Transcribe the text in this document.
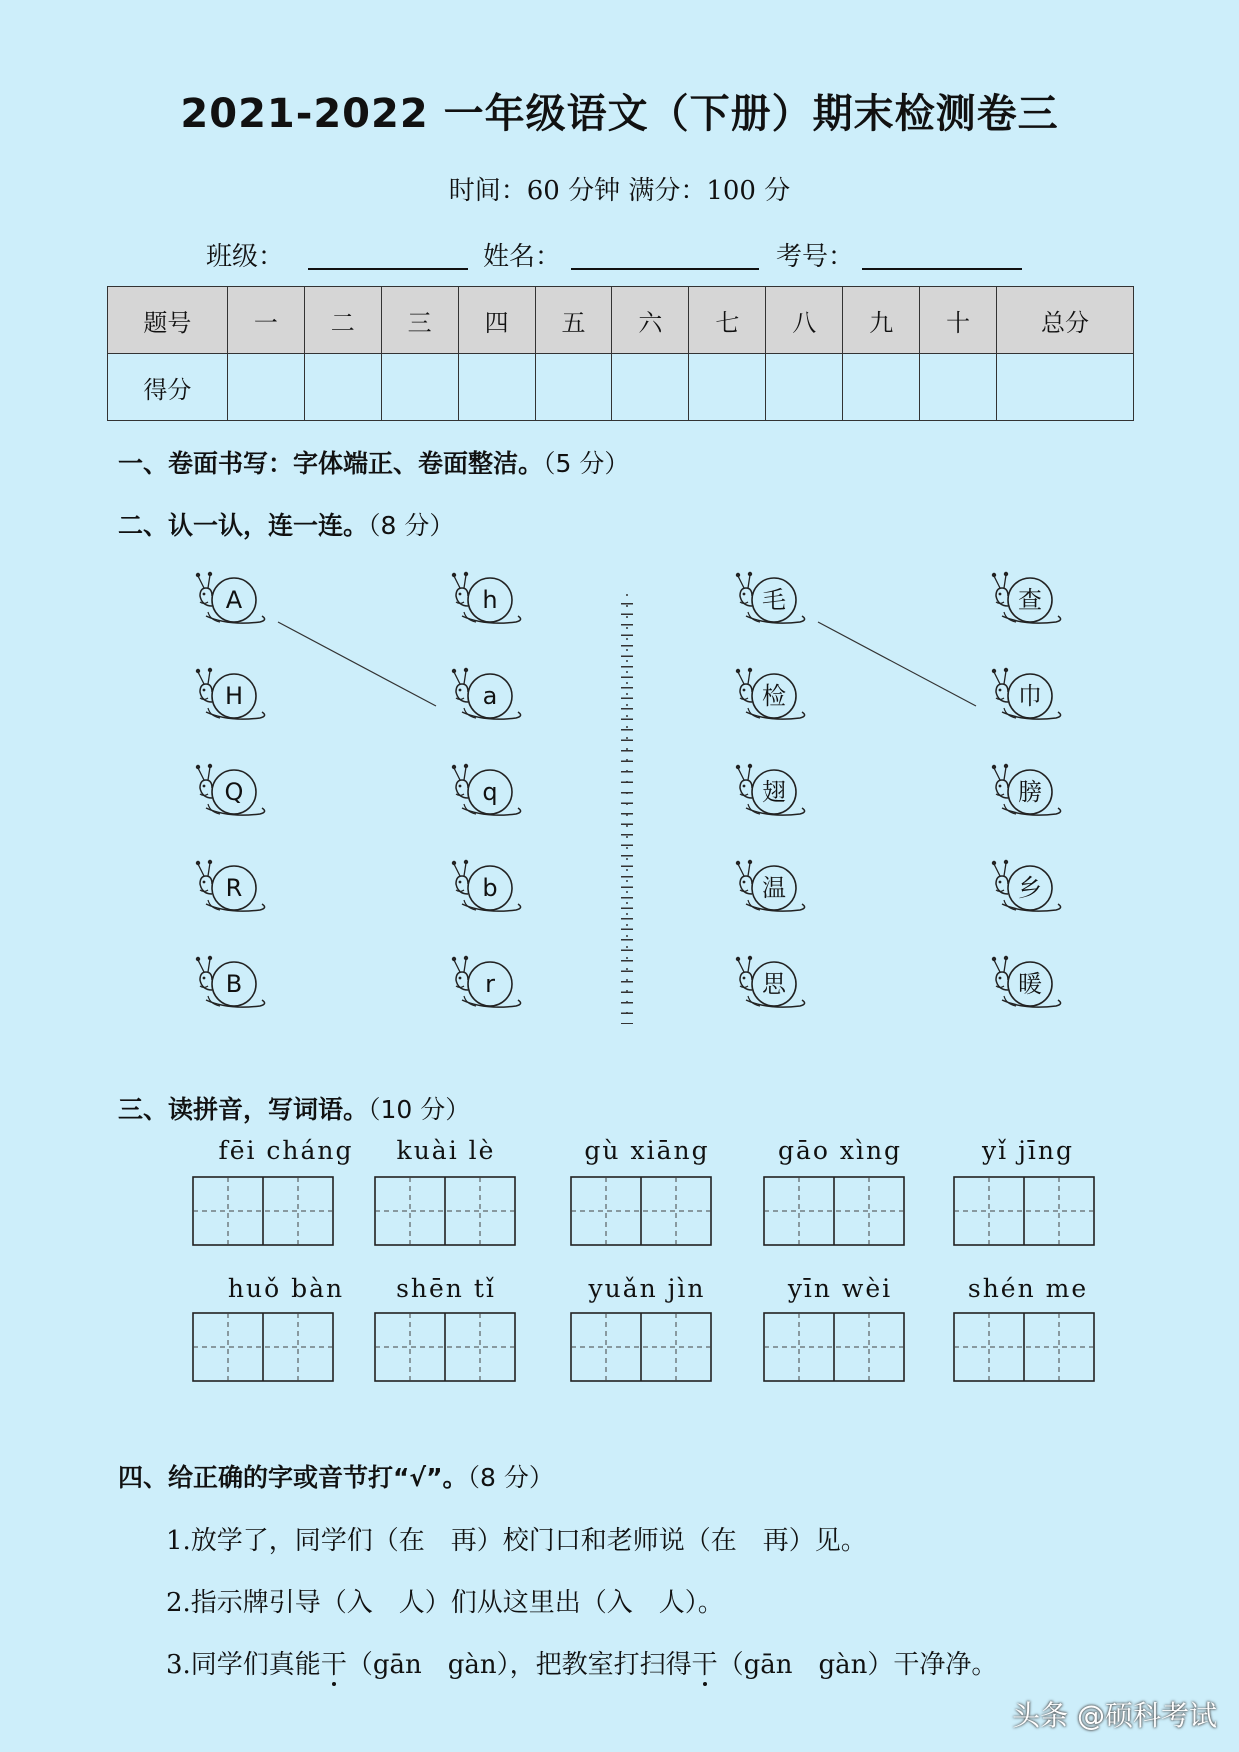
2021-2022 一年级语文（下册）期末检测卷三
时间：60 分钟 满分：100 分
班级：	姓名：	考号：
题号	一	二	三	四	五	六	七	八	九	十	总分
得分											
一、卷面书写：字体端正、卷面整洁。（5 分）
二、认一认，连一连。（8 分）
A
H
Q
R
B
h
a
q
b
r
毛
检
翅
温
思
查
巾
膀
乡
暖
三、读拼音，写词语。（10 分）
fēi cháng	kuài lè	gù xiāng	gāo xìng	yǐ jīng
huǒ bàn	shēn tǐ	yuǎn jìn	yīn wèi	shén me
四、给正确的字或音节打“√”。（8 分）
1.放学了，同学们（在　再）校门口和老师说（在　再）见。
2.指示牌引导（入　人）们从这里出（入　人）。
3.同学们真能干（gān　gàn），把教室打扫得干（gān　gàn）干净净。
头条 @硕科考试
